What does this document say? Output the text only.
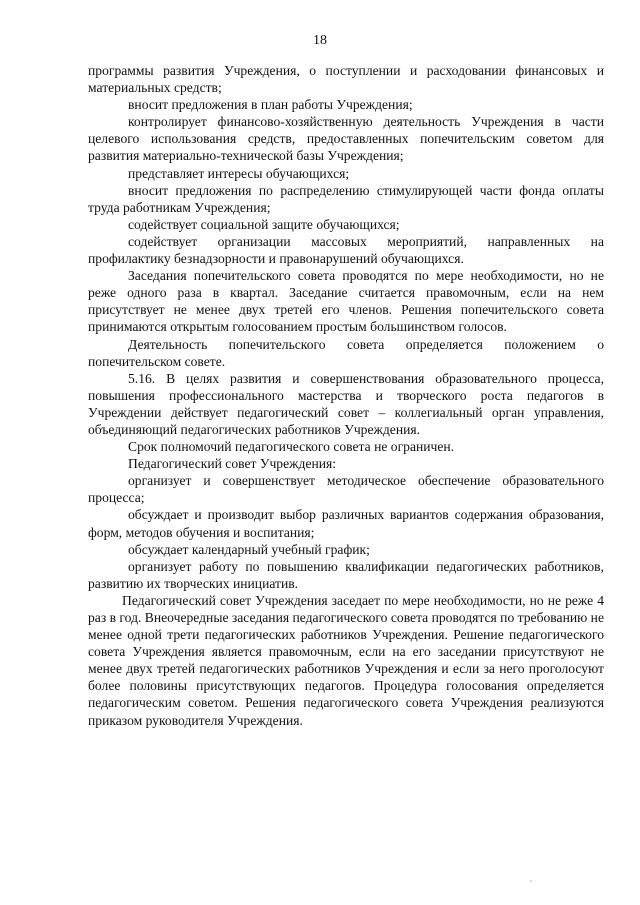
18

программы развития Учреждения, о поступлении и расходовании финансовых и материальных средств;

вносит предложения в план работы Учреждения;

контролирует финансово-хозяйственную деятельность Учреждения в части целевого использования средств, предоставленных попечительским советом для развития материально-технической базы Учреждения;

представляет интересы обучающихся;

вносит предложения по распределению стимулирующей части фонда оплаты труда работникам Учреждения;

содействует социальной защите обучающихся;

содействует организации массовых мероприятий, направленных на профилактику безнадзорности и правонарушений обучающихся.

Заседания попечительского совета проводятся по мере необходимости, но не реже одного раза в квартал. Заседание считается правомочным, если на нем присутствует не менее двух третей его членов. Решения попечительского совета принимаются открытым голосованием простым большинством голосов.

Деятельность попечительского совета определяется положением о попечительском совете.

5.16. В целях развития и совершенствования образовательного процесса, повышения профессионального мастерства и творческого роста педагогов в Учреждении действует педагогический совет – коллегиальный орган управления, объединяющий педагогических работников Учреждения.

Срок полномочий педагогического совета не ограничен.

Педагогический совет Учреждения:

организует и совершенствует методическое обеспечение образовательного процесса;

обсуждает и производит выбор различных вариантов содержания образования, форм, методов обучения и воспитания;

обсуждает календарный учебный график;

организует работу по повышению квалификации педагогических работников, развитию их творческих инициатив.

Педагогический совет Учреждения заседает по мере необходимости, но не реже 4 раз в год. Внеочередные заседания педагогического совета проводятся по требованию не менее одной трети педагогических работников Учреждения. Решение педагогического совета Учреждения является правомочным, если на его заседании присутствуют не менее двух третей педагогических работников Учреждения и если за него проголосуют более половины присутствующих педагогов. Процедура голосования определяется педагогическим советом. Решения педагогического совета Учреждения реализуются приказом руководителя Учреждения.
